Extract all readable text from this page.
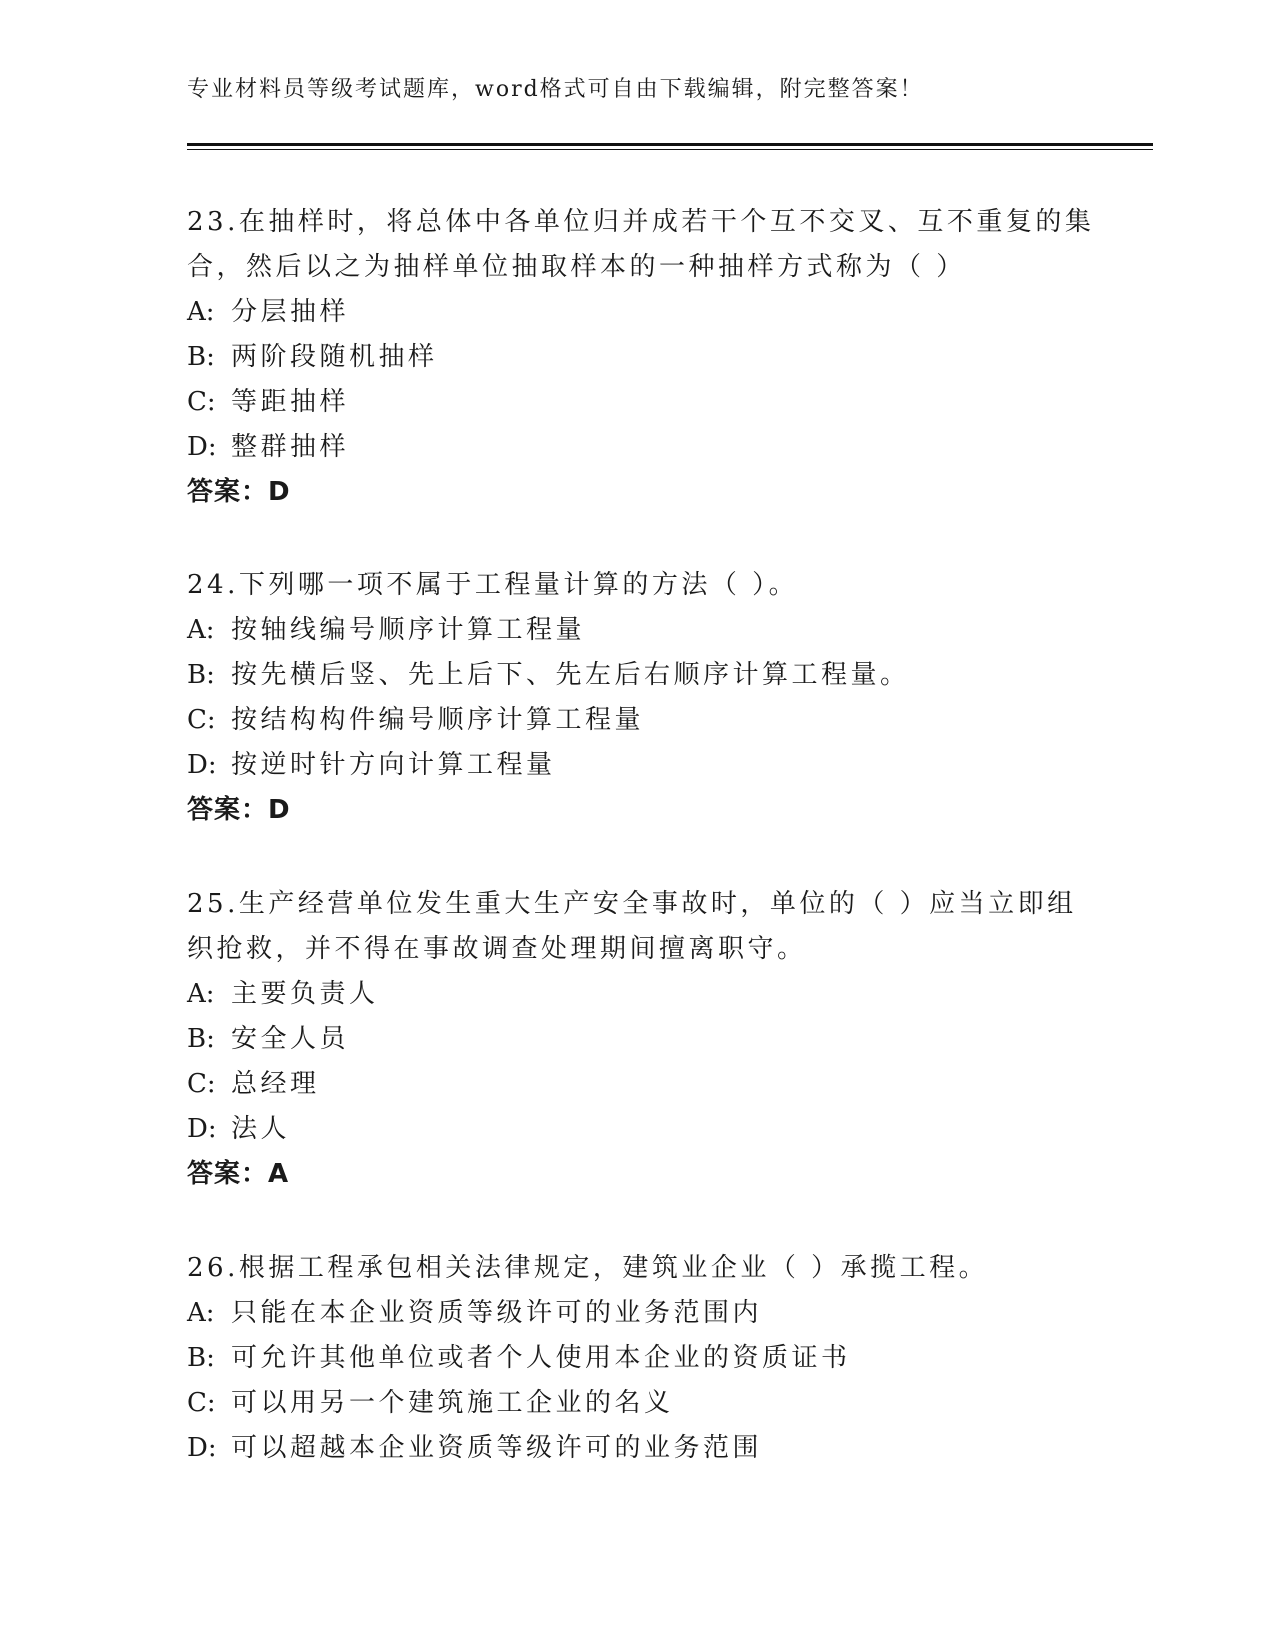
专业材料员等级考试题库，word格式可自由下载编辑，附完整答案！
23.在抽样时，将总体中各单位归并成若干个互不交叉、互不重复的集
合，然后以之为抽样单位抽取样本的一种抽样方式称为（ ）
A: 分层抽样
B: 两阶段随机抽样
C: 等距抽样
D: 整群抽样
答案：D
24.下列哪一项不属于工程量计算的方法（ ）。
A: 按轴线编号顺序计算工程量
B: 按先横后竖、先上后下、先左后右顺序计算工程量。
C: 按结构构件编号顺序计算工程量
D: 按逆时针方向计算工程量
答案：D
25.生产经营单位发生重大生产安全事故时，单位的（ ）应当立即组
织抢救，并不得在事故调查处理期间擅离职守。
A: 主要负责人
B: 安全人员
C: 总经理
D: 法人
答案：A
26.根据工程承包相关法律规定，建筑业企业（ ）承揽工程。
A: 只能在本企业资质等级许可的业务范围内
B: 可允许其他单位或者个人使用本企业的资质证书
C: 可以用另一个建筑施工企业的名义
D: 可以超越本企业资质等级许可的业务范围
